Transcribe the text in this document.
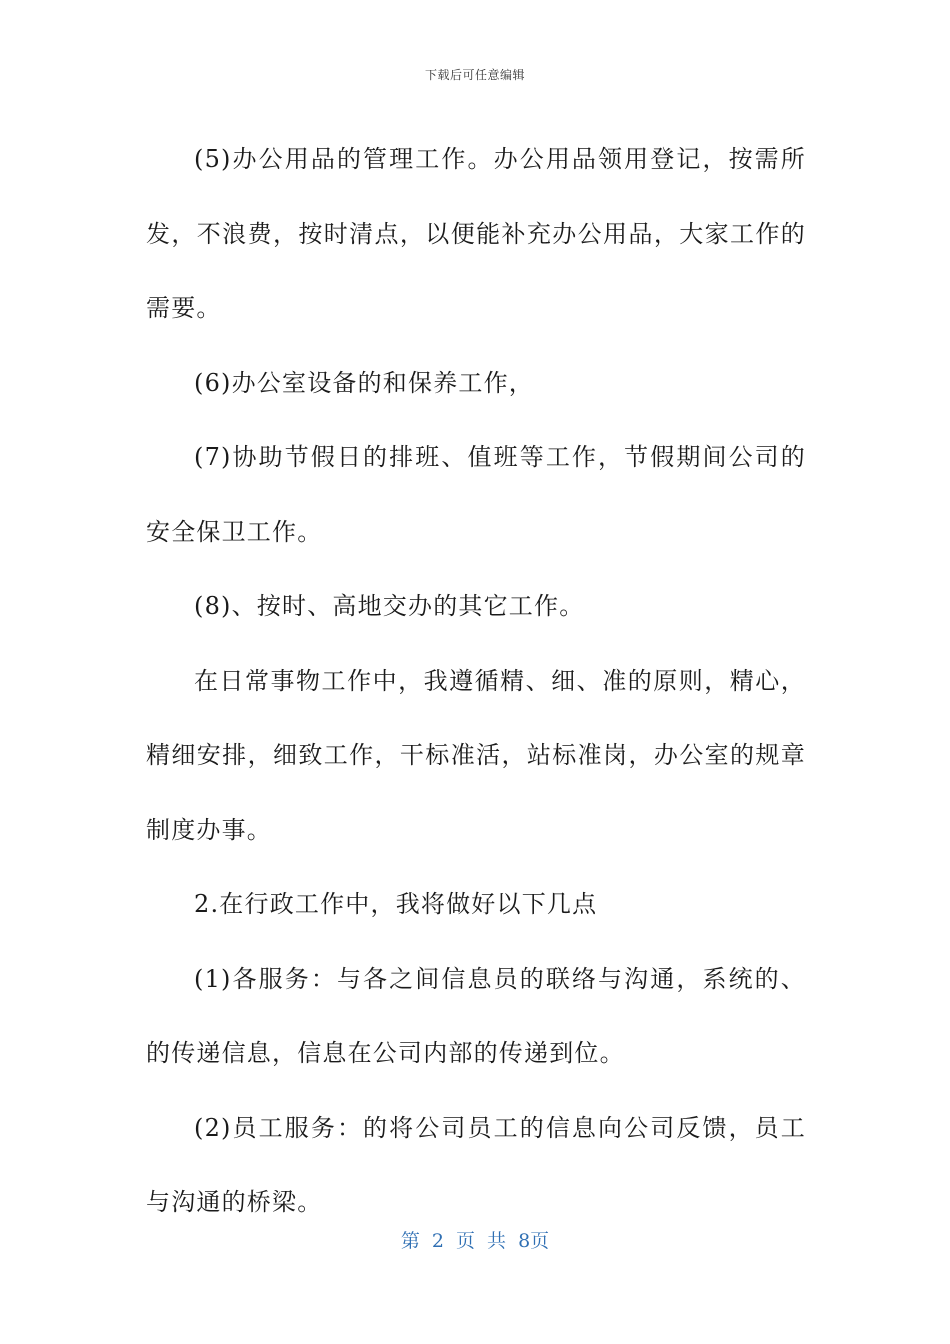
下载后可任意编辑

(5)办公用品的管理工作。办公用品领用登记，按需所发，不浪费，按时清点，以便能补充办公用品，大家工作的需要。

(6)办公室设备的和保养工作，

(7)协助节假日的排班、值班等工作，节假期间公司的安全保卫工作。

(8)、按时、高地交办的其它工作。

在日常事物工作中，我遵循精、细、准的原则，精心，精细安排，细致工作，干标准活，站标准岗，办公室的规章制度办事。

2.在行政工作中，我将做好以下几点

(1)各服务：与各之间信息员的联络与沟通，系统的、的传递信息，信息在公司内部的传递到位。

(2)员工服务：的将公司员工的信息向公司反馈，员工与沟通的桥梁。

第 2 页 共 8页
